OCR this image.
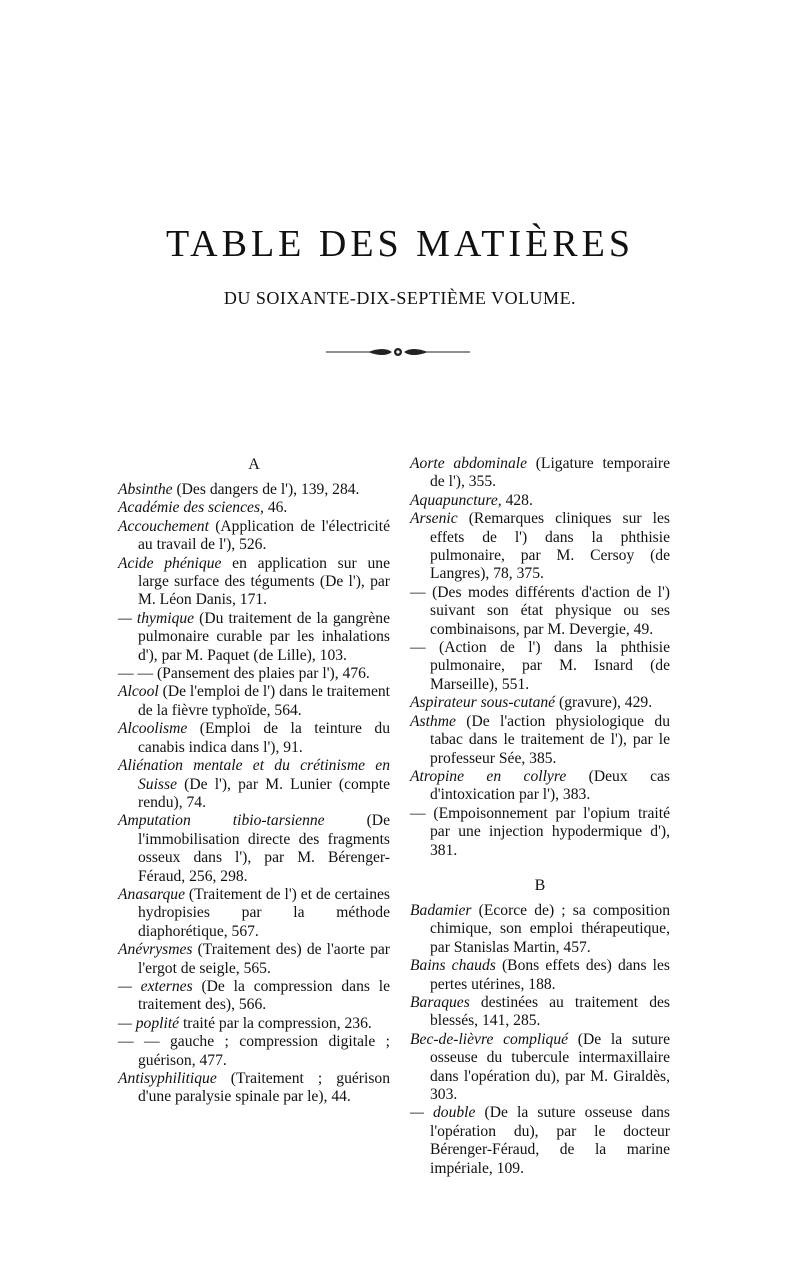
TABLE DES MATIÈRES
DU SOIXANTE-DIX-SEPTIÈME VOLUME.
A

Absinthe (Des dangers de l'), 139, 284.

Académie des sciences, 46.

Accouchement (Application de l'électricité au travail de l'), 526.

Acide phénique en application sur une large surface des téguments (De l'), par M. Léon Danis, 171.

— thymique (Du traitement de la gangrène pulmonaire curable par les inhalations d'), par M. Paquet (de Lille), 103.

— — (Pansement des plaies par l'), 476.

Alcool (De l'emploi de l') dans le traitement de la fièvre typhoïde, 564.

Alcoolisme (Emploi de la teinture du canabis indica dans l'), 91.

Aliénation mentale et du crétinisme en Suisse (De l'), par M. Lunier (compte rendu), 74.

Amputation tibio-tarsienne (De l'immobilisation directe des fragments osseux dans l'), par M. Bérenger-Féraud, 256, 298.

Anasarque (Traitement de l') et de certaines hydropisies par la méthode diaphorétique, 567.

Anévrysmes (Traitement des) de l'aorte par l'ergot de seigle, 565.

— externes (De la compression dans le traitement des), 566.

— poplité traité par la compression, 236.

— — gauche ; compression digitale ; guérison, 477.

Antisyphilitique (Traitement ; guérison d'une paralysie spinale par le), 44.

Aorte abdominale (Ligature temporaire de l'), 355.

Aquapuncture, 428.

Arsenic (Remarques cliniques sur les effets de l') dans la phthisie pulmonaire, par M. Cersoy (de Langres), 78, 375.

— (Des modes différents d'action de l') suivant son état physique ou ses combinaisons, par M. Devergie, 49.

— (Action de l') dans la phthisie pulmonaire, par M. Isnard (de Marseille), 551.

Aspirateur sous-cutané (gravure), 429.

Asthme (De l'action physiologique du tabac dans le traitement de l'), par le professeur Sée, 385.

Atropine en collyre (Deux cas d'intoxication par l'), 383.

— (Empoisonnement par l'opium traité par une injection hypodermique d'), 381.

B

Badamier (Ecorce de) ; sa composition chimique, son emploi thérapeutique, par Stanislas Martin, 457.

Bains chauds (Bons effets des) dans les pertes utérines, 188.

Baraques destinées au traitement des blessés, 141, 285.

Bec-de-lièvre compliqué (De la suture osseuse du tubercule intermaxillaire dans l'opération du), par M. Giraldès, 303.

— double (De la suture osseuse dans l'opération du), par le docteur Bérenger-Féraud, de la marine impériale, 109.
